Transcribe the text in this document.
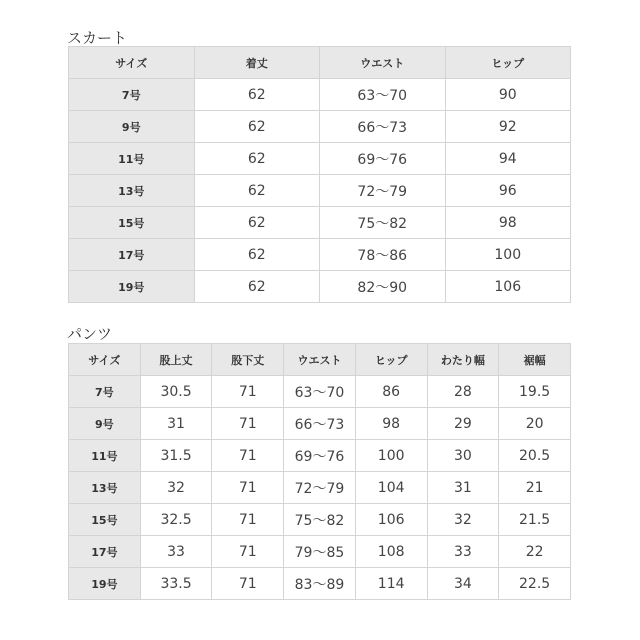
スカート
サイズ	着丈	ウエスト	ヒップ
7号	62	63～70	90
9号	62	66～73	92
11号	62	69～76	94
13号	62	72～79	96
15号	62	75～82	98
17号	62	78～86	100
19号	62	82～90	106
パンツ
サイズ	股上丈	股下丈	ウエスト	ヒップ	わたり幅	裾幅
7号	30.5	71	63～70	86	28	19.5
9号	31	71	66～73	98	29	20
11号	31.5	71	69～76	100	30	20.5
13号	32	71	72～79	104	31	21
15号	32.5	71	75～82	106	32	21.5
17号	33	71	79～85	108	33	22
19号	33.5	71	83～89	114	34	22.5
